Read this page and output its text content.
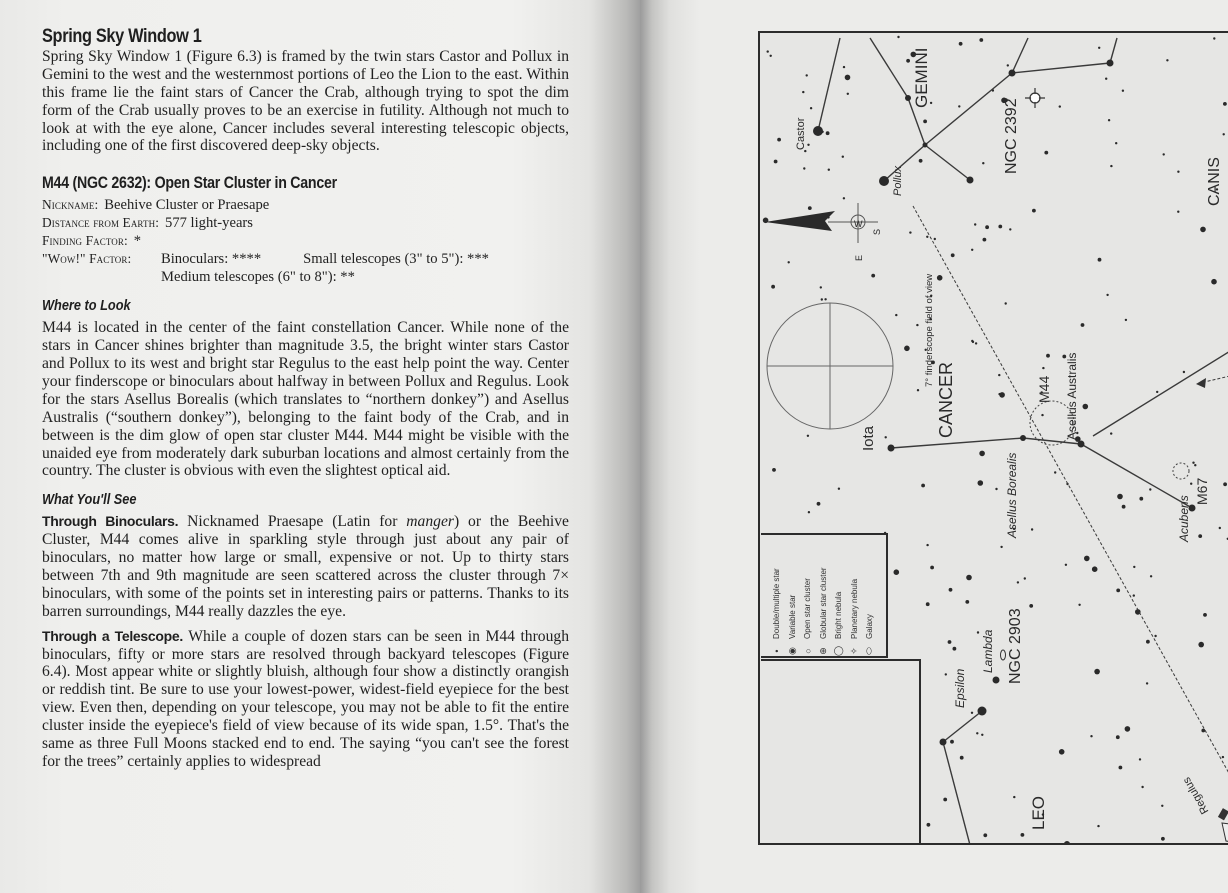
Spring Sky Window 1

Spring Sky Window 1 (Figure 6.3) is framed by the twin stars Castor and Pollux in Gemini to the west and the westernmost portions of Leo the Lion to the east. Within this frame lie the faint stars of Cancer the Crab, although trying to spot the dim form of the Crab usually proves to be an exercise in futility. Although not much to look at with the eye alone, Cancer includes several interesting telescopic objects, including one of the first discovered deep-sky objects.

M44 (NGC 2632): Open Star Cluster in Cancer
Nickname: Beehive Cluster or Praesape
Distance from Earth: 577 light-years
Finding Factor: *
"Wow!" Factor:	Binoculars: ****	Small telescopes (3" to 5"): ***
Medium telescopes (6" to 8"): **
Where to Look

M44 is located in the center of the faint constellation Cancer. While none of the stars in Cancer shines brighter than magnitude 3.5, the bright winter stars Castor and Pollux to its west and bright star Regulus to the east help point the way. Center your finderscope or binoculars about halfway in between Pollux and Regulus. Look for the stars Asellus Borealis (which translates to “northern donkey”) and Asellus Australis (“southern donkey”), belonging to the faint body of the Crab, and in between is the dim glow of open star cluster M44. M44 might be visible with the unaided eye from moderately dark suburban locations and almost certainly from the country. The cluster is obvious with even the slightest optical aid.

What You'll See

Through Binoculars. Nicknamed Praesape (Latin for manger) or the Beehive Cluster, M44 comes alive in sparkling style through just about any pair of binoculars, no matter how large or small, expensive or not. Up to thirty stars between 7th and 9th magnitude are seen scattered across the cluster through 7× binoculars, with some of the points set in interesting pairs or patterns. Thanks to its barren surroundings, M44 really dazzles the eye.

Through a Telescope. While a couple of dozen stars can be seen in M44 through binoculars, fifty or more stars are resolved through backyard telescopes (Figure 6.4). Most appear white or slightly bluish, although four show a distinctly orangish or reddish tint. Be sure to use your lowest-power, widest-field eyepiece for the best view. Even then, depending on your telescope, you may not be able to fit the entire cluster inside the eyepiece's field of view because of its wide span, 1.5°. That's the same as three Full Moons stacked end to end. The saying “you can't see the forest for the trees” certainly applies to widespread

Castor
Pollux
GEMINI
NGC 2392
CANIS
W
S
E
7° finderscope field of view
CANCER
Iota
M44 Asellus Australis
Asellus Borealis	Acubens
M67
Lambda NGC 2903
Epsilon
LEO	Regulus
•
Double/multiple star
◉
Variable star
○
Open star cluster
⊕
Globular star cluster
◯
Bright nebula
✧
Planetary nebula
⬭
Galaxy
